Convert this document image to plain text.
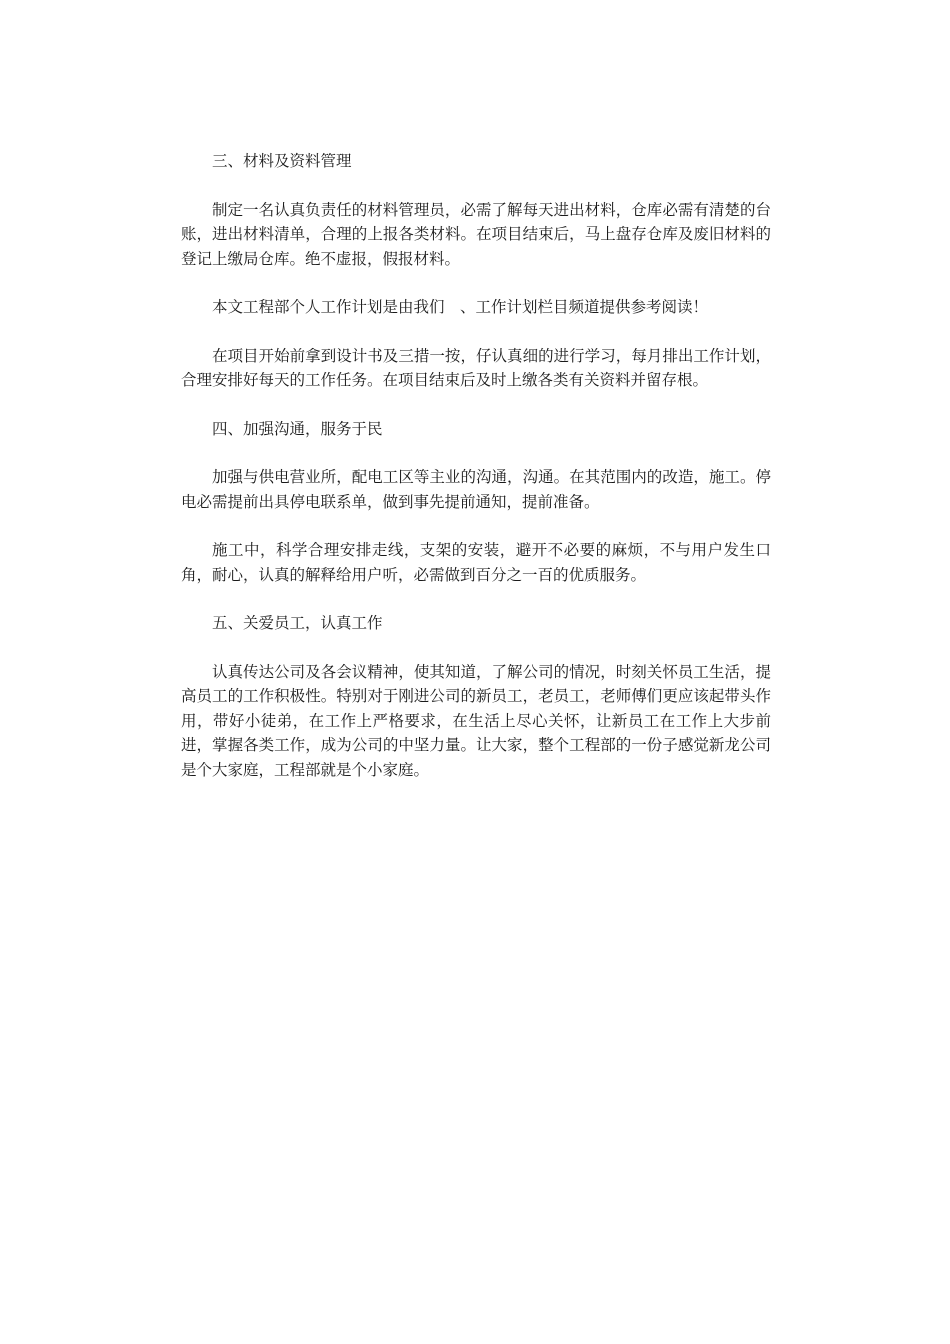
三、材料及资料管理

制定一名认真负责任的材料管理员，必需了解每天进出材料，仓库必需有清楚的台账，进出材料清单，合理的上报各类材料。在项目结束后，马上盘存仓库及废旧材料的登记上缴局仓库。绝不虚报，假报材料。

本文工程部个人工作计划是由我们　、工作计划栏目频道提供参考阅读！

在项目开始前拿到设计书及三措一按，仔认真细的进行学习，每月排出工作计划，合理安排好每天的工作任务。在项目结束后及时上缴各类有关资料并留存根。

四、加强沟通，服务于民

加强与供电营业所，配电工区等主业的沟通，沟通。在其范围内的改造，施工。停电必需提前出具停电联系单，做到事先提前通知，提前准备。

施工中，科学合理安排走线，支架的安装，避开不必要的麻烦，不与用户发生口角，耐心，认真的解释给用户听，必需做到百分之一百的优质服务。

五、关爱员工，认真工作

认真传达公司及各会议精神，使其知道，了解公司的情况，时刻关怀员工生活，提高员工的工作积极性。特别对于刚进公司的新员工，老员工，老师傅们更应该起带头作用，带好小徒弟，在工作上严格要求，在生活上尽心关怀，让新员工在工作上大步前进，掌握各类工作，成为公司的中坚力量。让大家，整个工程部的一份子感觉新龙公司是个大家庭，工程部就是个小家庭。
